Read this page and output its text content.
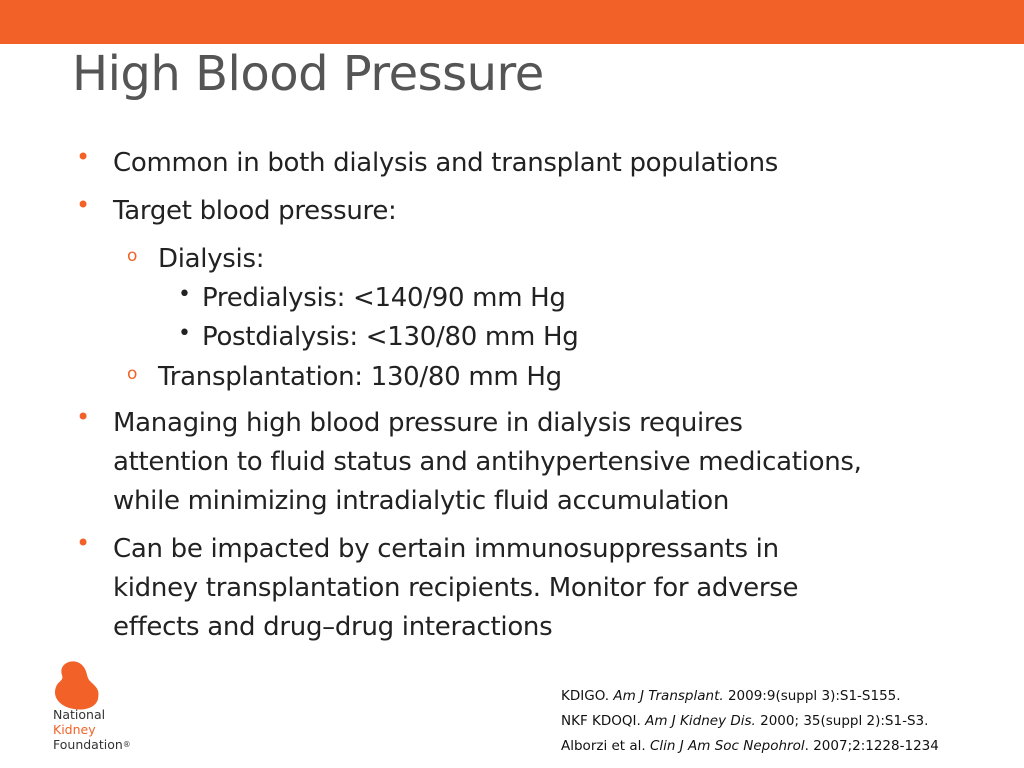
High Blood Pressure
• Common in both dialysis and transplant populations
• Target blood pressure:
o Dialysis:
• Predialysis: <140/90 mm Hg
• Postdialysis: <130/80 mm Hg
o Transplantation: 130/80 mm Hg
• Managing high blood pressure in dialysis requires
attention to fluid status and antihypertensive medications,
while minimizing intradialytic fluid accumulation
• Can be impacted by certain immunosuppressants in
kidney transplantation recipients. Monitor for adverse
effects and drug–drug interactions
National
Kidney
Foundation®
KDIGO. Am J Transplant. 2009:9(suppl 3):S1-S155.
NKF KDOQI. Am J Kidney Dis. 2000; 35(suppl 2):S1-S3.
Alborzi et al. Clin J Am Soc Nepohrol. 2007;2:1228-1234
